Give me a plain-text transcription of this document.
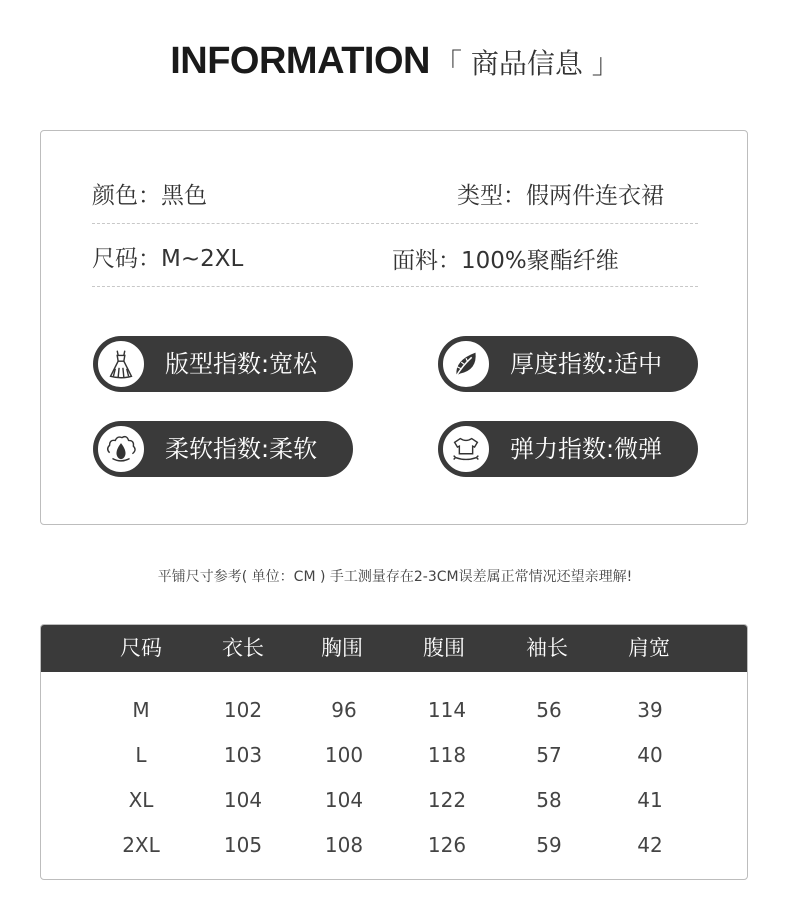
INFORMATION 「 商品信息 」
颜色：黑色	类型：假两件连衣裙
尺码：M~2XL	面料：100%聚酯纤维
版型指数:宽松	厚度指数:适中
柔软指数:柔软	弹力指数:微弹
平铺尺寸参考( 单位：CM ) 手工测量存在2-3CM误差属正常情况还望亲理解!
尺码	衣长	胸围	腹围	袖长	肩宽
M	102	96	114	56	39
L	103	100	118	57	40
XL	104	104	122	58	41
2XL	105	108	126	59	42
